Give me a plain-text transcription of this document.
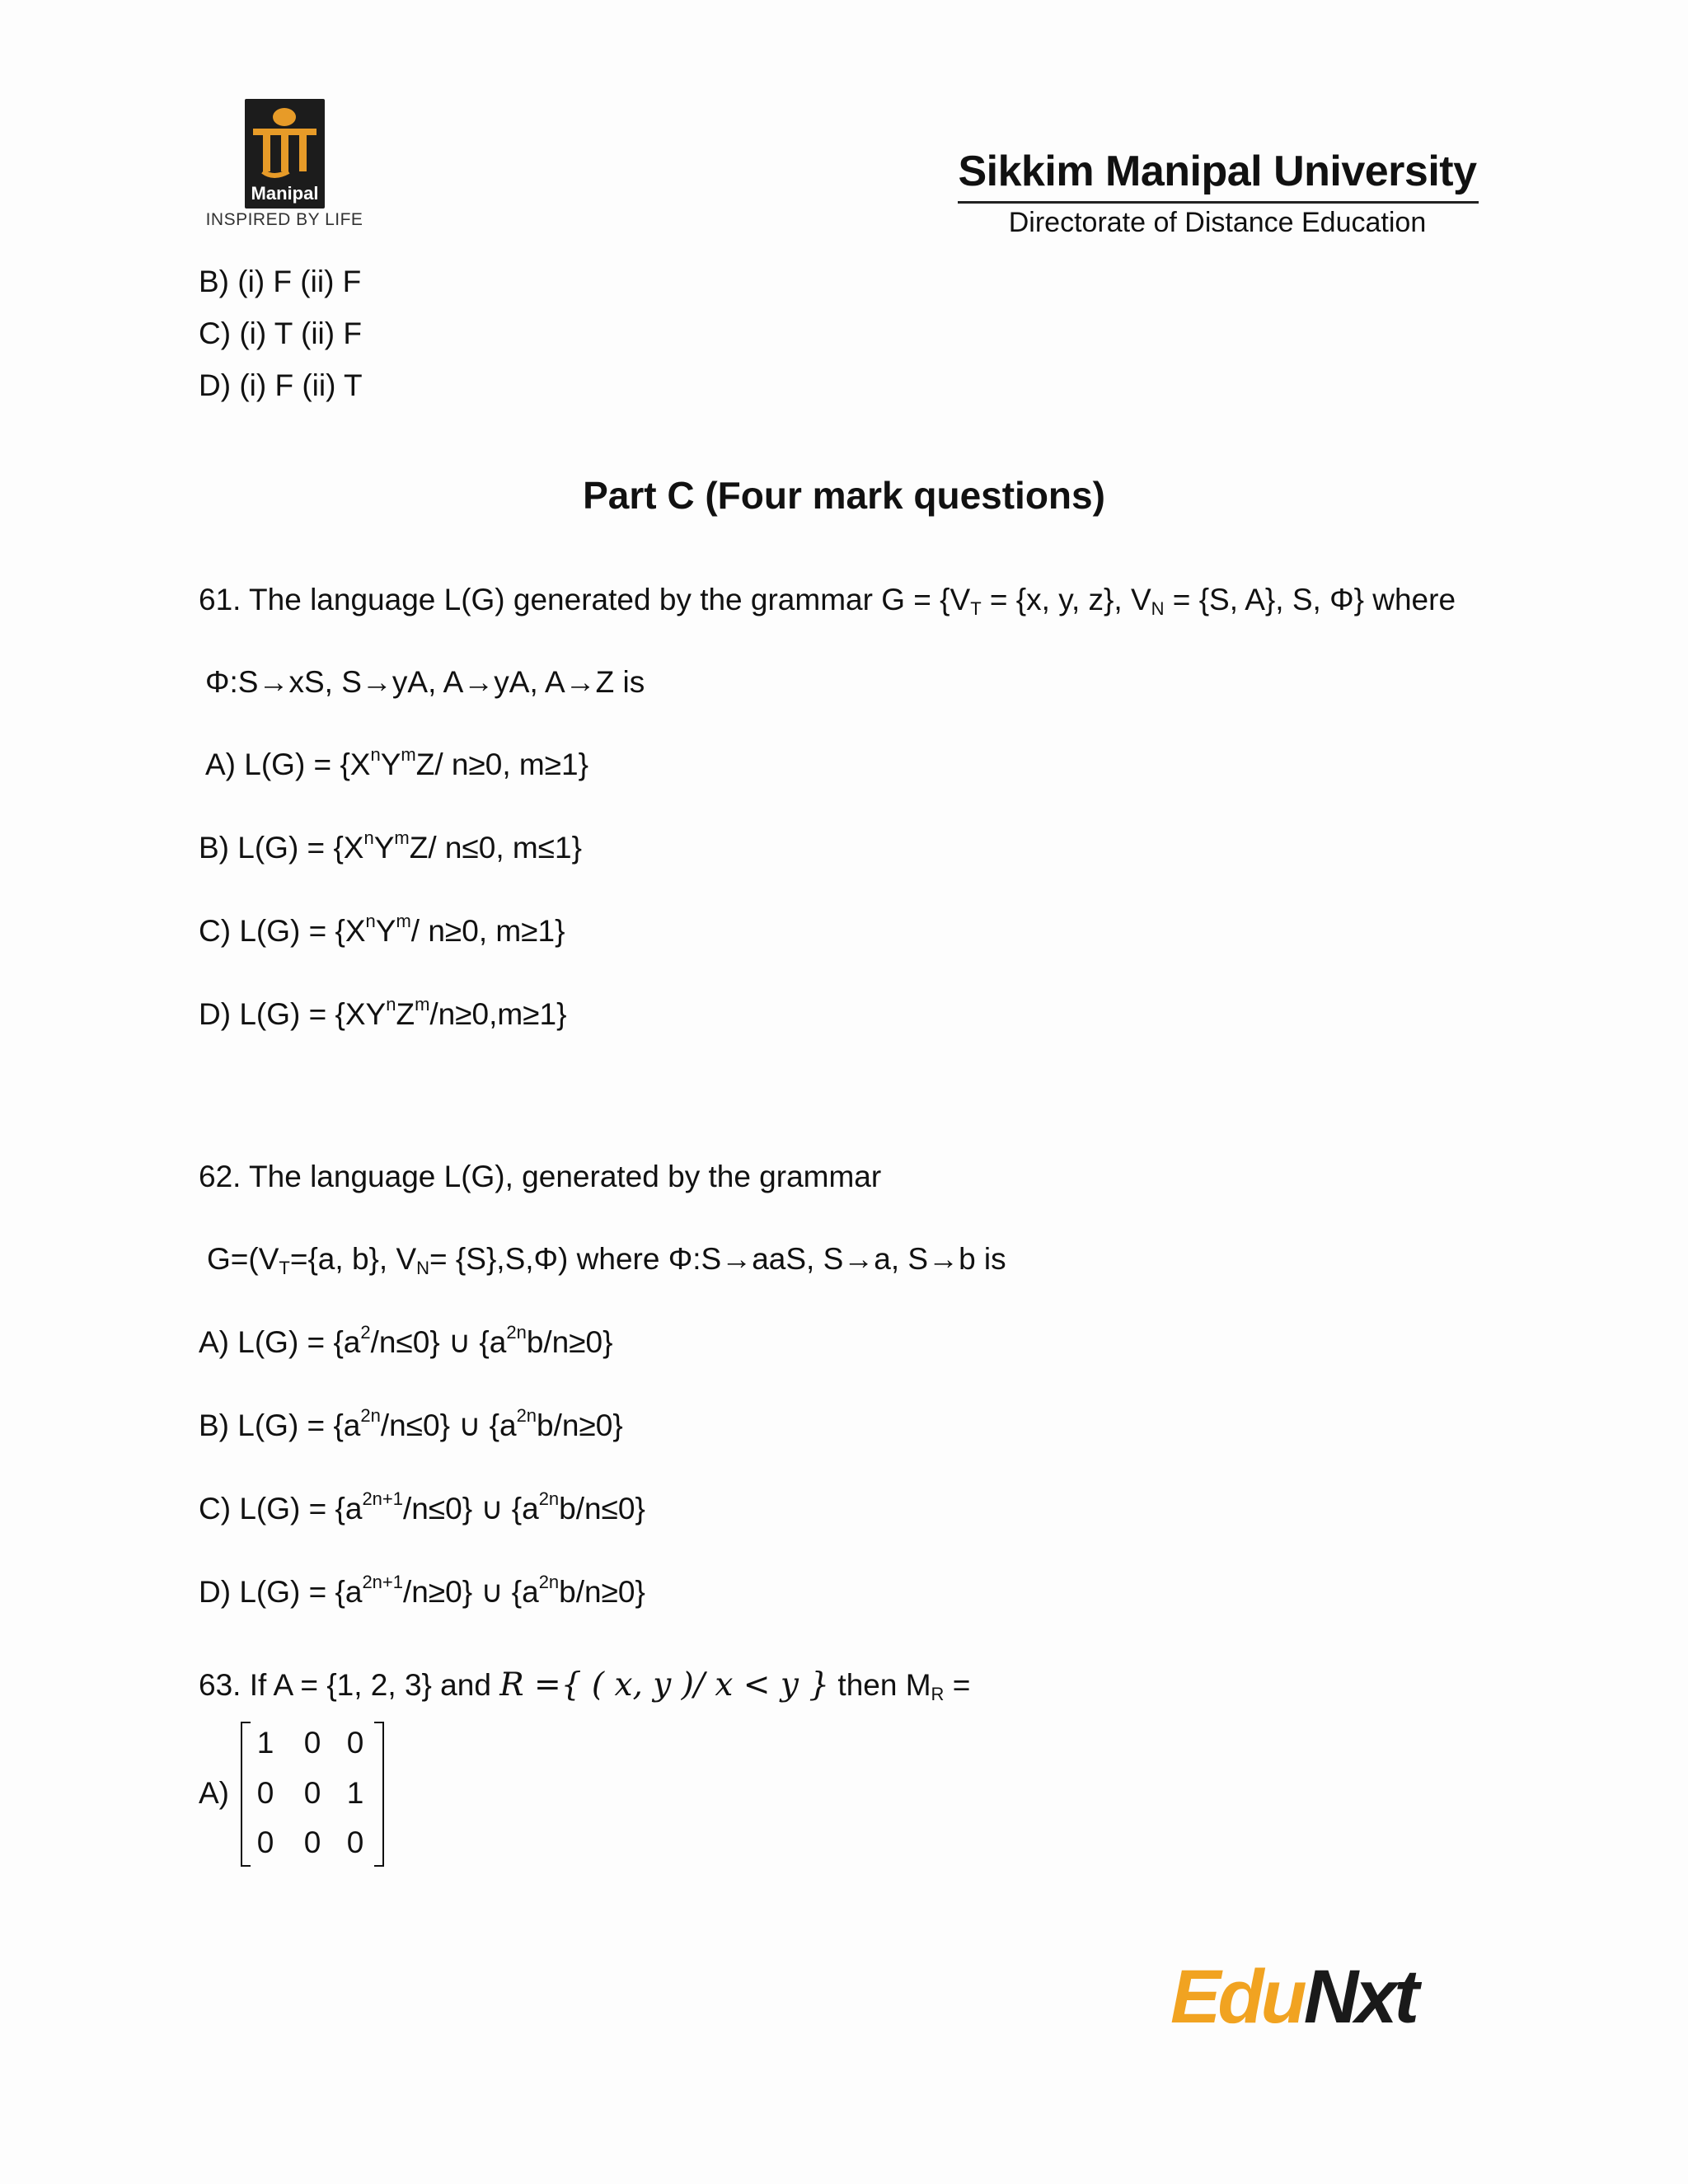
Manipal
INSPIRED BY LIFE
Sikkim Manipal University
Directorate of Distance Education
B) (i) F (ii) F
C) (i) T (ii) F
D) (i) F (ii) T
Part C (Four mark questions)
61. The language L(G) generated by the grammar $G = \{V_T = \{x$, y, z}, $V_N = \{S$, A}, S, Φ} where
Φ:S→xS, S→yA, A→yA, A→Z is
A) $L(G) = \{X^nY^mZ/$ n≥0, m≥1}
B) $L(G) = \{X^nY^mZ/$ n≤0, m≤1}
C) $L(G) = \{X^nY^m/$ n≥0, m≥1}
D) $L(G) = \{XY^nZ^m/n\ge 0,m\ge 1\}$
62. The language L(G), generated by the grammar
$G=(V_T=\{a$, b}, $V_N= \{S\},S,\Phi$) where Φ:S→aaS, S→a, S→b is
A) $L(G) = \{a^2/n\le 0\}$ ∪ $\{a^{2n}b/n\ge 0\}$
B) $L(G) = \{a^{2n}/n\le 0\}$ ∪ $\{a^{2n}b/n\ge 0\}$
C) $L(G) = \{a^{2n+1}/n\le 0\}$ ∪ $\{a^{2n}b/n\le 0\}$
D) $L(G) = \{a^{2n+1}/n\ge 0\}$ ∪ $\{a^{2n}b/n\ge 0\}$
63. If A = {1, 2, 3} and R ={ ( x, y )/ x < y } then $M_R$ =
A)
1 0 0
0 0 1
0 0 0
EduNxt
